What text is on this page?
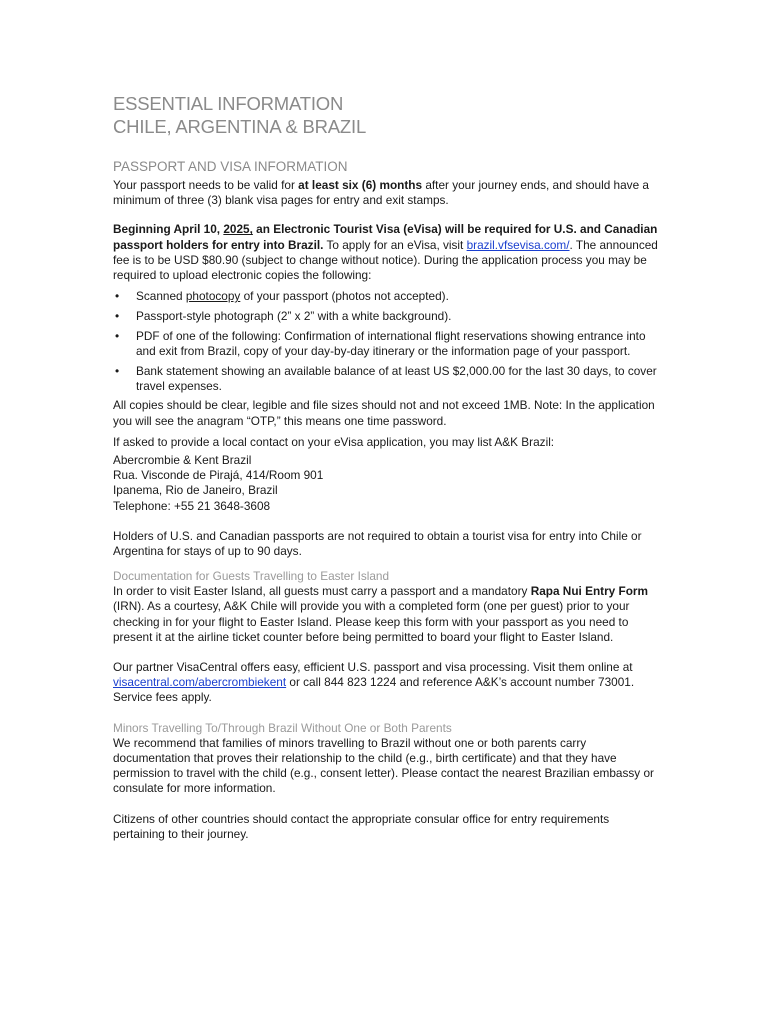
ESSENTIAL INFORMATION
CHILE, ARGENTINA & BRAZIL
PASSPORT AND VISA INFORMATION

Your passport needs to be valid for at least six (6) months after your journey ends, and should have a minimum of three (3) blank visa pages for entry and exit stamps.

Beginning April 10, 2025, an Electronic Tourist Visa (eVisa) will be required for U.S. and Canadian passport holders for entry into Brazil. To apply for an eVisa, visit brazil.vfsevisa.com/. The announced fee is to be USD $80.90 (subject to change without notice). During the application process you may be required to upload electronic copies the following:

• Scanned photocopy of your passport (photos not accepted).
• Passport-style photograph (2” x 2” with a white background).
• PDF of one of the following: Confirmation of international flight reservations showing entrance into and exit from Brazil, copy of your day-by-day itinerary or the information page of your passport.
• Bank statement showing an available balance of at least US $2,000.00 for the last 30 days, to cover travel expenses.

All copies should be clear, legible and file sizes should not and not exceed 1MB. Note: In the application you will see the anagram “OTP,” this means one time password.

If asked to provide a local contact on your eVisa application, you may list A&K Brazil:

Abercrombie & Kent Brazil

Rua. Visconde de Pirajá, 414/Room 901

Ipanema, Rio de Janeiro, Brazil

Telephone: +55 21 3648-3608

Holders of U.S. and Canadian passports are not required to obtain a tourist visa for entry into Chile or Argentina for stays of up to 90 days.

Documentation for Guests Travelling to Easter Island

In order to visit Easter Island, all guests must carry a passport and a mandatory Rapa Nui Entry Form (IRN). As a courtesy, A&K Chile will provide you with a completed form (one per guest) prior to your checking in for your flight to Easter Island. Please keep this form with your passport as you need to present it at the airline ticket counter before being permitted to board your flight to Easter Island.

Our partner VisaCentral offers easy, efficient U.S. passport and visa processing. Visit them online at visacentral.com/abercrombiekent or call 844 823 1224 and reference A&K’s account number 73001. Service fees apply.

Minors Travelling To/Through Brazil Without One or Both Parents

We recommend that families of minors travelling to Brazil without one or both parents carry documentation that proves their relationship to the child (e.g., birth certificate) and that they have permission to travel with the child (e.g., consent letter). Please contact the nearest Brazilian embassy or consulate for more information.

Citizens of other countries should contact the appropriate consular office for entry requirements pertaining to their journey.
